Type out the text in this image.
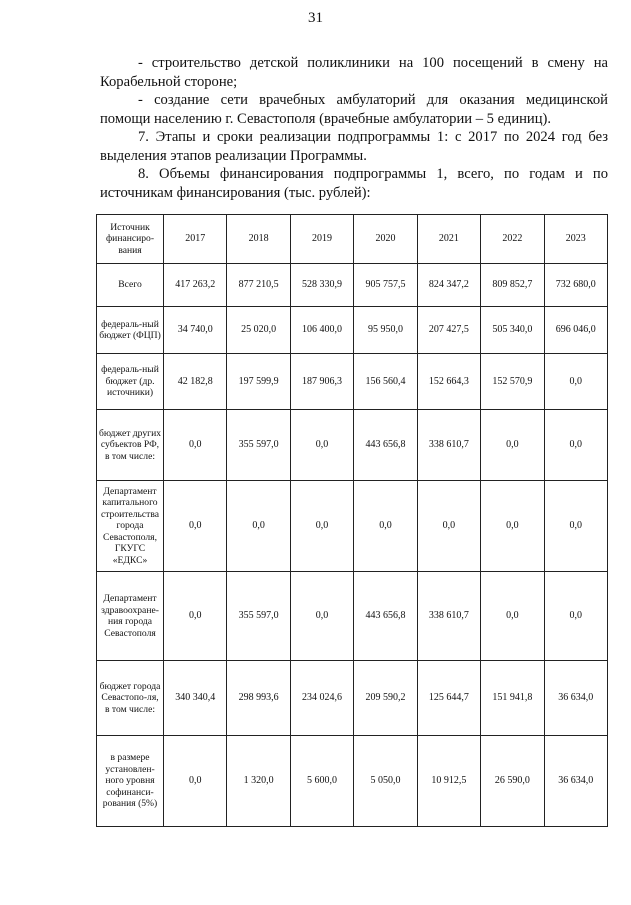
31

- строительство детской поликлиники на 100 посещений в смену на Корабельной стороне;

- создание сети врачебных амбулаторий для оказания медицинской помощи населению г. Севастополя (врачебные амбулатории – 5 единиц).

7. Этапы и сроки реализации подпрограммы 1: с 2017 по 2024 год без выделения этапов реализации Программы.

8. Объемы финансирования подпрограммы 1, всего, по годам и по источникам финансирования (тыс. рублей):

Источник финансиро-вания	2017	2018	2019	2020	2021	2022	2023
Всего	417 263,2	877 210,5	528 330,9	905 757,5	824 347,2	809 852,7	732 680,0
федераль-ный бюджет (ФЦП)	34 740,0	25 020,0	106 400,0	95 950,0	207 427,5	505 340,0	696 046,0
федераль-ный бюджет (др. источники)	42 182,8	197 599,9	187 906,3	156 560,4	152 664,3	152 570,9	0,0
бюджет других субъектов РФ, в том числе:	0,0	355 597,0	0,0	443 656,8	338 610,7	0,0	0,0
Департамент капитального строительства города Севастополя, ГКУГС «ЕДКС»	0,0	0,0	0,0	0,0	0,0	0,0	0,0
Департамент здравоохране-ния города Севастополя	0,0	355 597,0	0,0	443 656,8	338 610,7	0,0	0,0
бюджет города Севастопо-ля, в том числе:	340 340,4	298 993,6	234 024,6	209 590,2	125 644,7	151 941,8	36 634,0
в размере установлен-ного уровня софинанси-рования (5%)	0,0	1 320,0	5 600,0	5 050,0	10 912,5	26 590,0	36 634,0
